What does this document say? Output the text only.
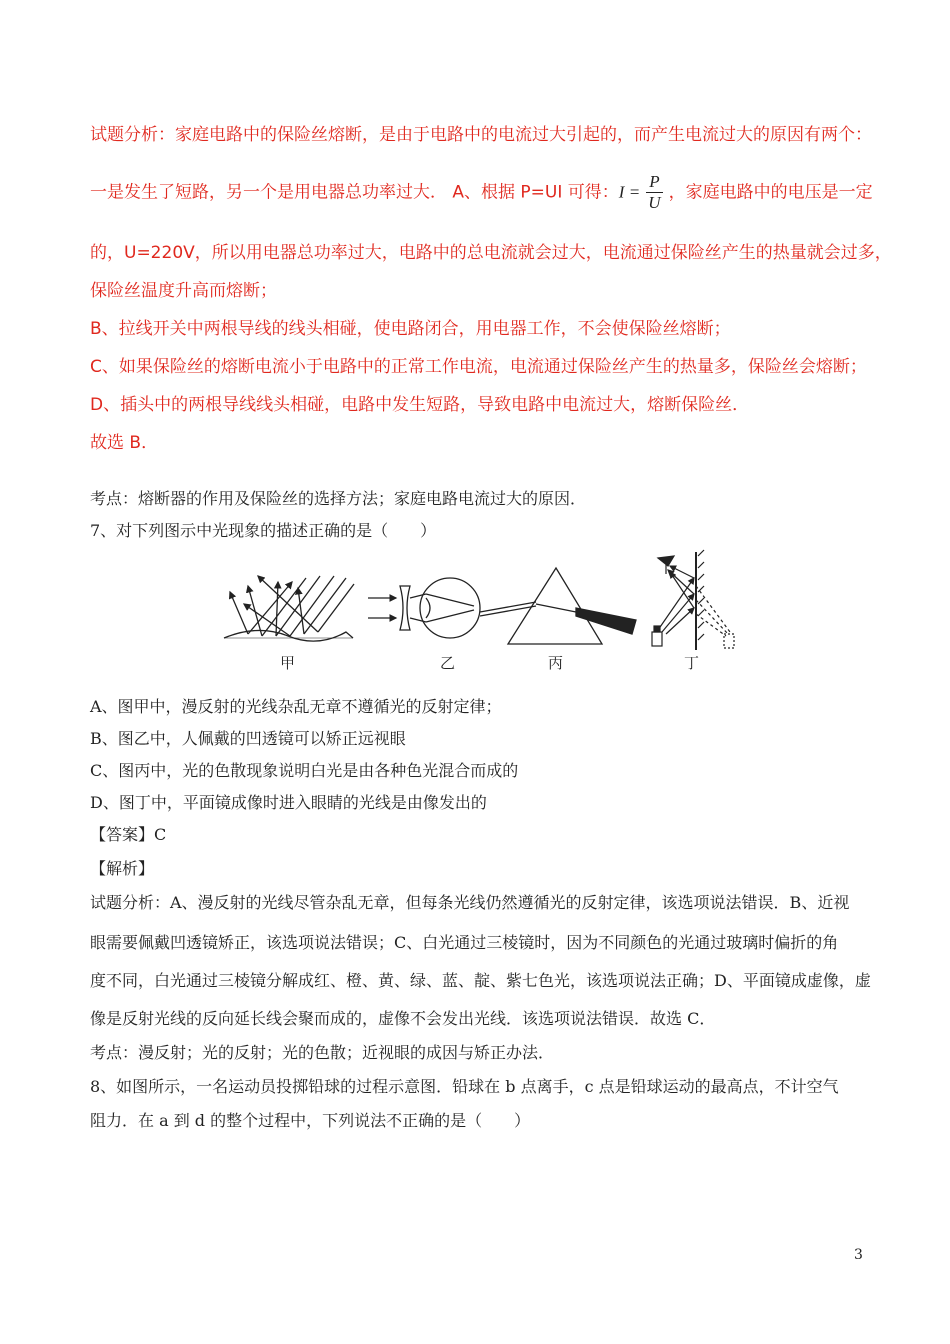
试题分析：家庭电路中的保险丝熔断，是由于电路中的电流过大引起的，而产生电流过大的原因有两个：
一是发生了短路，另一个是用电器总功率过大． A、根据 P=UI 可得：$I = \frac{P}{U}$ ，家庭电路中的电压是一定
的，U=220V，所以用电器总功率过大，电路中的总电流就会过大，电流通过保险丝产生的热量就会过多，
保险丝温度升高而熔断；
B、拉线开关中两根导线的线头相碰，使电路闭合，用电器工作，不会使保险丝熔断；
C、如果保险丝的熔断电流小于电路中的正常工作电流，电流通过保险丝产生的热量多，保险丝会熔断；
D、插头中的两根导线线头相碰，电路中发生短路，导致电路中电流过大，熔断保险丝．
故选 B．
考点：熔断器的作用及保险丝的选择方法；家庭电路电流过大的原因．
7、对下列图示中光现象的描述正确的是（　　）
甲	乙	丙	丁
A、图甲中，漫反射的光线杂乱无章不遵循光的反射定律；
B、图乙中，人佩戴的凹透镜可以矫正远视眼
C、图丙中，光的色散现象说明白光是由各种色光混合而成的
D、图丁中，平面镜成像时进入眼睛的光线是由像发出的
【答案】C
【解析】
试题分析：A、漫反射的光线尽管杂乱无章，但每条光线仍然遵循光的反射定律，该选项说法错误．B、近视
眼需要佩戴凹透镜矫正，该选项说法错误；C、白光通过三棱镜时，因为不同颜色的光通过玻璃时偏折的角
度不同，白光通过三棱镜分解成红、橙、黄、绿、蓝、靛、紫七色光，该选项说法正确；D、平面镜成虚像，虚
像是反射光线的反向延长线会聚而成的，虚像不会发出光线．该选项说法错误．故选 C．
考点：漫反射；光的反射；光的色散；近视眼的成因与矫正办法．
8、如图所示，一名运动员投掷铅球的过程示意图．铅球在 b 点离手，c 点是铅球运动的最高点，不计空气
阻力．在 a 到 d 的整个过程中，下列说法不正确的是（　　）
3
